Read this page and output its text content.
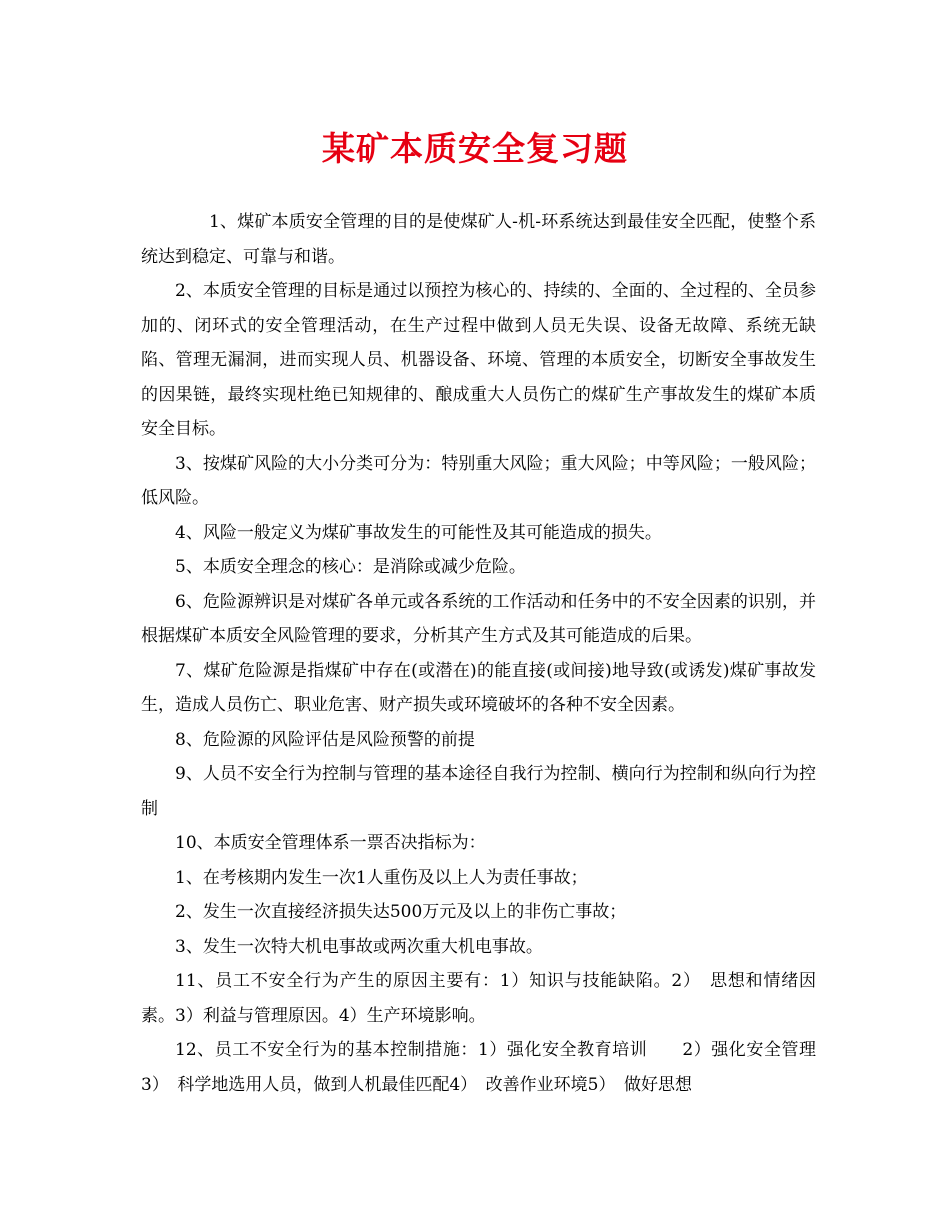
某矿本质安全复习题

1、煤矿本质安全管理的目的是使煤矿人-机-环系统达到最佳安全匹配，使整个系统达到稳定、可靠与和谐。

2、本质安全管理的目标是通过以预控为核心的、持续的、全面的、全过程的、全员参加的、闭环式的安全管理活动，在生产过程中做到人员无失误、设备无故障、系统无缺陷、管理无漏洞，进而实现人员、机器设备、环境、管理的本质安全，切断安全事故发生的因果链，最终实现杜绝已知规律的、酿成重大人员伤亡的煤矿生产事故发生的煤矿本质安全目标。

3、按煤矿风险的大小分类可分为：特别重大风险；重大风险；中等风险；一般风险；低风险。

4、风险一般定义为煤矿事故发生的可能性及其可能造成的损失。

5、本质安全理念的核心：是消除或减少危险。

6、危险源辨识是对煤矿各单元或各系统的工作活动和任务中的不安全因素的识别，并根据煤矿本质安全风险管理的要求，分析其产生方式及其可能造成的后果。

7、煤矿危险源是指煤矿中存在(或潜在)的能直接(或间接)地导致(或诱发)煤矿事故发生，造成人员伤亡、职业危害、财产损失或环境破坏的各种不安全因素。

8、危险源的风险评估是风险预警的前提

9、人员不安全行为控制与管理的基本途径自我行为控制、横向行为控制和纵向行为控制

10、本质安全管理体系一票否决指标为：

1、在考核期内发生一次1人重伤及以上人为责任事故；

2、发生一次直接经济损失达500万元及以上的非伤亡事故；

3、发生一次特大机电事故或两次重大机电事故。

11、员工不安全行为产生的原因主要有：1）知识与技能缺陷。2）　思想和情绪因素。3）利益与管理原因。4）生产环境影响。

12、员工不安全行为的基本控制措施：1）强化安全教育培训　　2）强化安全管理　　3）　科学地选用人员，做到人机最佳匹配4）　改善作业环境5）　做好思想
